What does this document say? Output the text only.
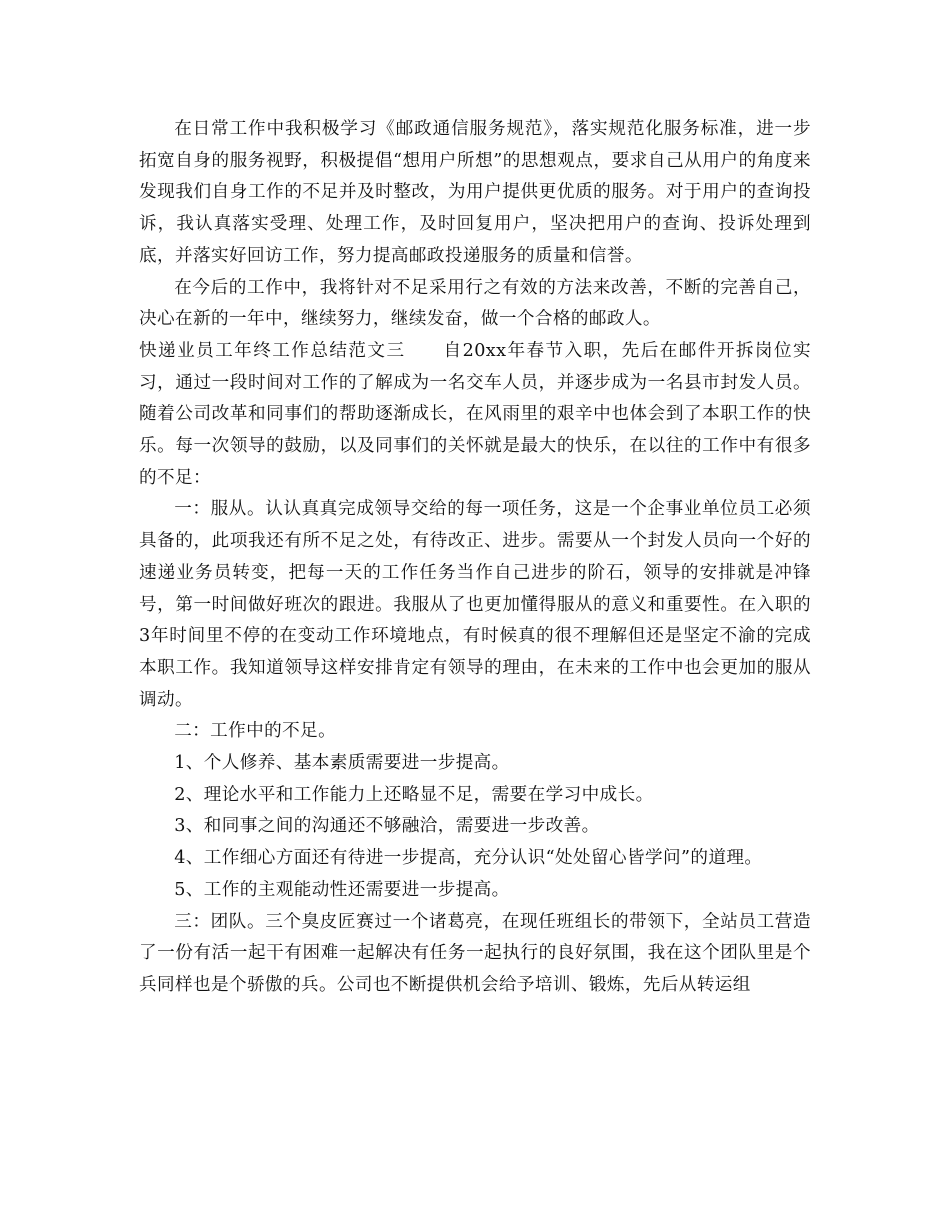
在日常工作中我积极学习《邮政通信服务规范》，落实规范化服务标准，进一步拓宽自身的服务视野，积极提倡“想用户所想”的思想观点，要求自己从用户的角度来发现我们自身工作的不足并及时整改，为用户提供更优质的服务。对于用户的查询投诉，我认真落实受理、处理工作，及时回复用户，坚决把用户的查询、投诉处理到底，并落实好回访工作，努力提高邮政投递服务的质量和信誉。

在今后的工作中，我将针对不足采用行之有效的方法来改善，不断的完善自己，决心在新的一年中，继续努力，继续发奋，做一个合格的邮政人。

快递业员工年终工作总结范文三　　自20xx年春节入职，先后在邮件开拆岗位实习，通过一段时间对工作的了解成为一名交车人员，并逐步成为一名县市封发人员。随着公司改革和同事们的帮助逐渐成长，在风雨里的艰辛中也体会到了本职工作的快乐。每一次领导的鼓励，以及同事们的关怀就是最大的快乐，在以往的工作中有很多的不足：

一：服从。认认真真完成领导交给的每一项任务，这是一个企事业单位员工必须具备的，此项我还有所不足之处，有待改正、进步。需要从一个封发人员向一个好的速递业务员转变，把每一天的工作任务当作自己进步的阶石，领导的安排就是冲锋号，第一时间做好班次的跟进。我服从了也更加懂得服从的意义和重要性。在入职的3年时间里不停的在变动工作环境地点，有时候真的很不理解但还是坚定不渝的完成本职工作。我知道领导这样安排肯定有领导的理由，在未来的工作中也会更加的服从调动。

二：工作中的不足。

1、个人修养、基本素质需要进一步提高。

2、理论水平和工作能力上还略显不足，需要在学习中成长。

3、和同事之间的沟通还不够融洽，需要进一步改善。

4、工作细心方面还有待进一步提高，充分认识“处处留心皆学问”的道理。

5、工作的主观能动性还需要进一步提高。

三：团队。三个臭皮匠赛过一个诸葛亮，在现任班组长的带领下，全站员工营造了一份有活一起干有困难一起解决有任务一起执行的良好氛围，我在这个团队里是个兵同样也是个骄傲的兵。公司也不断提供机会给予培训、锻炼，先后从转运组
